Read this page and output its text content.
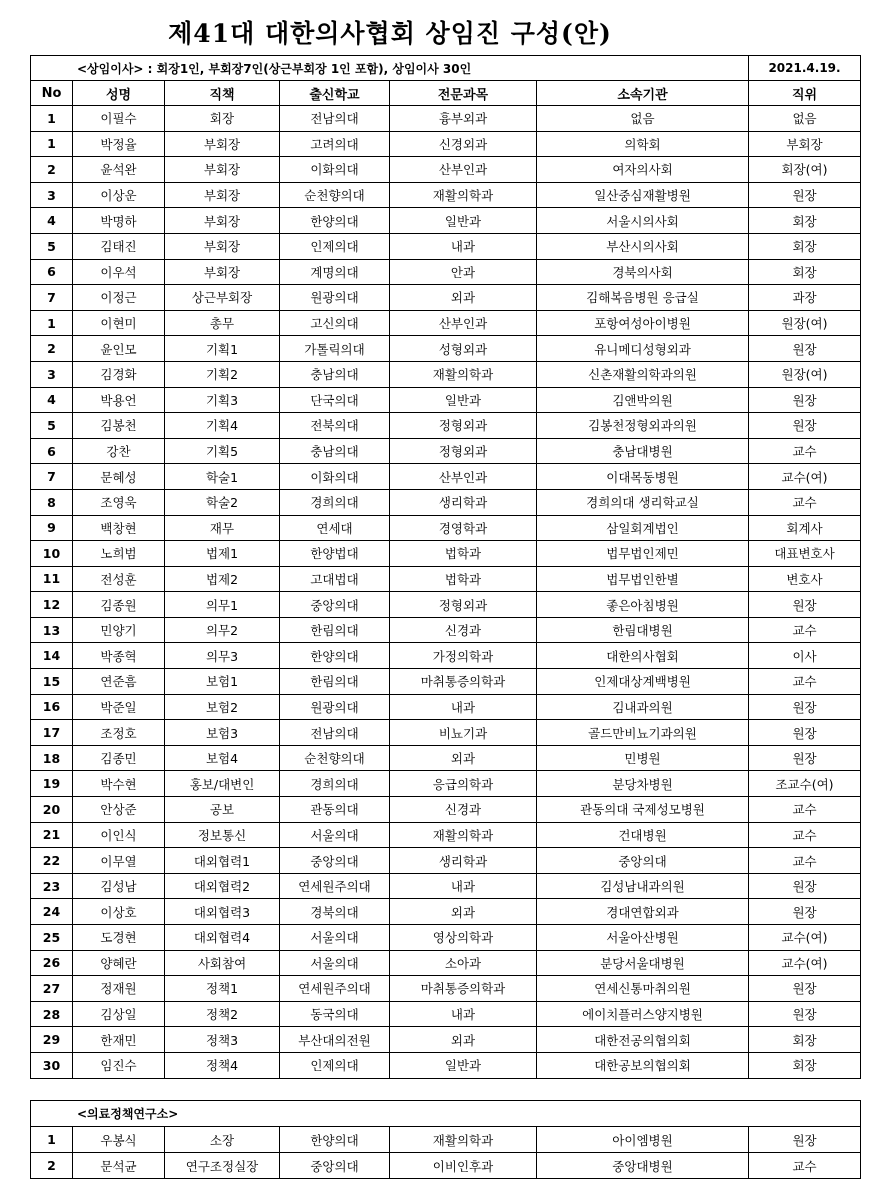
제41대 대한의사협회 상임진 구성(안)
<상임이사> : 회장1인, 부회장7인(상근부회장 1인 포함), 상임이사 30인						2021.4.19.
No	성명	직책	출신학교	전문과목	소속기관	직위
1	이필수	회장	전남의대	흉부외과	없음	없음
1	박정율	부회장	고려의대	신경외과	의학회	부회장
2	윤석완	부회장	이화의대	산부인과	여자의사회	회장(여)
3	이상운	부회장	순천향의대	재활의학과	일산중심재활병원	원장
4	박명하	부회장	한양의대	일반과	서울시의사회	회장
5	김태진	부회장	인제의대	내과	부산시의사회	회장
6	이우석	부회장	계명의대	안과	경북의사회	회장
7	이정근	상근부회장	원광의대	외과	김해복음병원 응급실	과장
1	이현미	총무	고신의대	산부인과	포항여성아이병원	원장(여)
2	윤인모	기획1	가톨릭의대	성형외과	유니메디성형외과	원장
3	김경화	기획2	충남의대	재활의학과	신촌재활의학과의원	원장(여)
4	박용언	기획3	단국의대	일반과	김앤박의원	원장
5	김봉천	기획4	전북의대	정형외과	김봉천정형외과의원	원장
6	강찬	기획5	충남의대	정형외과	충남대병원	교수
7	문혜성	학술1	이화의대	산부인과	이대목동병원	교수(여)
8	조영욱	학술2	경희의대	생리학과	경희의대 생리학교실	교수
9	백창현	재무	연세대	경영학과	삼일회계법인	회계사
10	노희범	법제1	한양법대	법학과	법무법인제민	대표변호사
11	전성훈	법제2	고대법대	법학과	법무법인한별	변호사
12	김종원	의무1	중앙의대	정형외과	좋은아침병원	원장
13	민양기	의무2	한림의대	신경과	한림대병원	교수
14	박종혁	의무3	한양의대	가정의학과	대한의사협회	이사
15	연준흠	보험1	한림의대	마취통증의학과	인제대상계백병원	교수
16	박준일	보험2	원광의대	내과	김내과의원	원장
17	조정호	보험3	전남의대	비뇨기과	골드만비뇨기과의원	원장
18	김종민	보험4	순천향의대	외과	민병원	원장
19	박수현	홍보/대변인	경희의대	응급의학과	분당차병원	조교수(여)
20	안상준	공보	관동의대	신경과	관동의대 국제성모병원	교수
21	이인식	정보통신	서울의대	재활의학과	건대병원	교수
22	이무열	대외협력1	중앙의대	생리학과	중앙의대	교수
23	김성남	대외협력2	연세원주의대	내과	김성남내과의원	원장
24	이상호	대외협력3	경북의대	외과	경대연합외과	원장
25	도경현	대외협력4	서울의대	영상의학과	서울아산병원	교수(여)
26	양혜란	사회참여	서울의대	소아과	분당서울대병원	교수(여)
27	정재원	정책1	연세원주의대	마취통증의학과	연세신통마취의원	원장
28	김상일	정책2	동국의대	내과	에이치플러스양지병원	원장
29	한재민	정책3	부산대의전원	외과	대한전공의협의회	회장
30	임진수	정책4	인제의대	일반과	대한공보의협의회	회장
<의료정책연구소>						
1	우봉식	소장	한양의대	재활의학과	아이엠병원	원장
2	문석균	연구조정실장	중앙의대	이비인후과	중앙대병원	교수
